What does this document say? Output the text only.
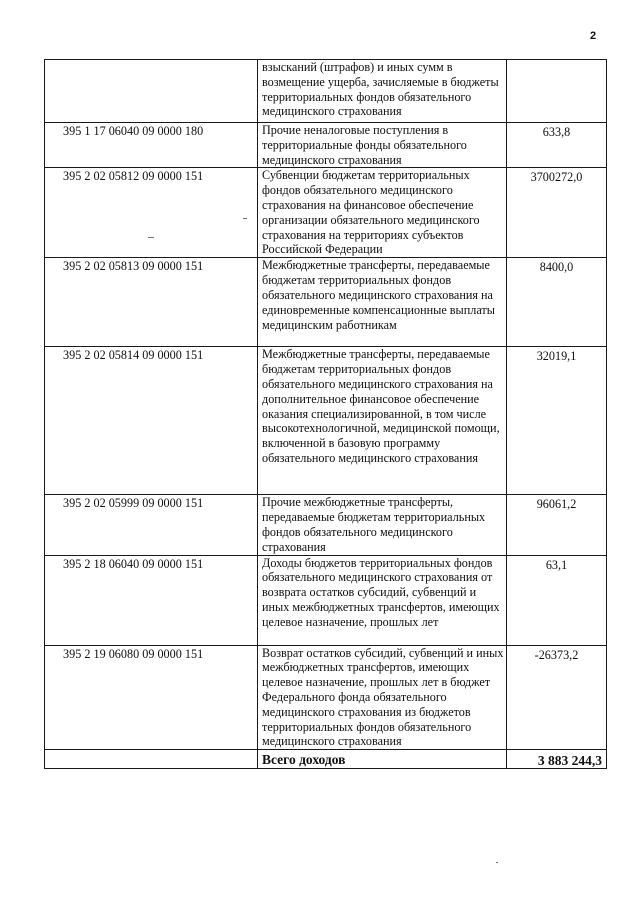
2
	взысканий (штрафов) и иных сумм в возмещение ущерба, зачисляемые в бюджеты территориальных фондов обязательного медицинского страхования	
395 1 17 06040 09 0000 180	Прочие неналоговые поступления в территориальные фонды обязательного медицинского страхования	633,8
395 2 02 05812 09 0000 151	Субвенции бюджетам территориальных фондов обязательного медицинского страхования на финансовое обеспечение организации обязательного медицинского страхования на территориях субъектов Российской Федерации	3700272,0
395 2 02 05813 09 0000 151	Межбюджетные трансферты, передаваемые бюджетам территориальных фондов обязательного медицинского страхования на единовременные компенсационные выплаты медицинским работникам	8400,0
395 2 02 05814 09 0000 151	Межбюджетные трансферты, передаваемые бюджетам территориальных фондов обязательного медицинского страхования на дополнительное финансовое обеспечение оказания специализированной, в том числе высокотехнологичной, медицинской помощи, включенной в базовую программу обязательного медицинского страхования	32019,1
395 2 02 05999 09 0000 151	Прочие межбюджетные трансферты, передаваемые бюджетам территориальных фондов обязательного медицинского страхования	96061,2
395 2 18 06040 09 0000 151	Доходы бюджетов территориальных фондов обязательного медицинского страхования от возврата остатков субсидий, субвенций и иных межбюджетных трансфертов, имеющих целевое назначение, прошлых лет	63,1
395 2 19 06080 09 0000 151	Возврат остатков субсидий, субвенций и иных межбюджетных трансфертов, имеющих целевое назначение, прошлых лет в бюджет Федерального фонда обязательного медицинского страхования из бюджетов территориальных фондов обязательного медицинского страхования	-26373,2
	Всего доходов	3 883 244,3
